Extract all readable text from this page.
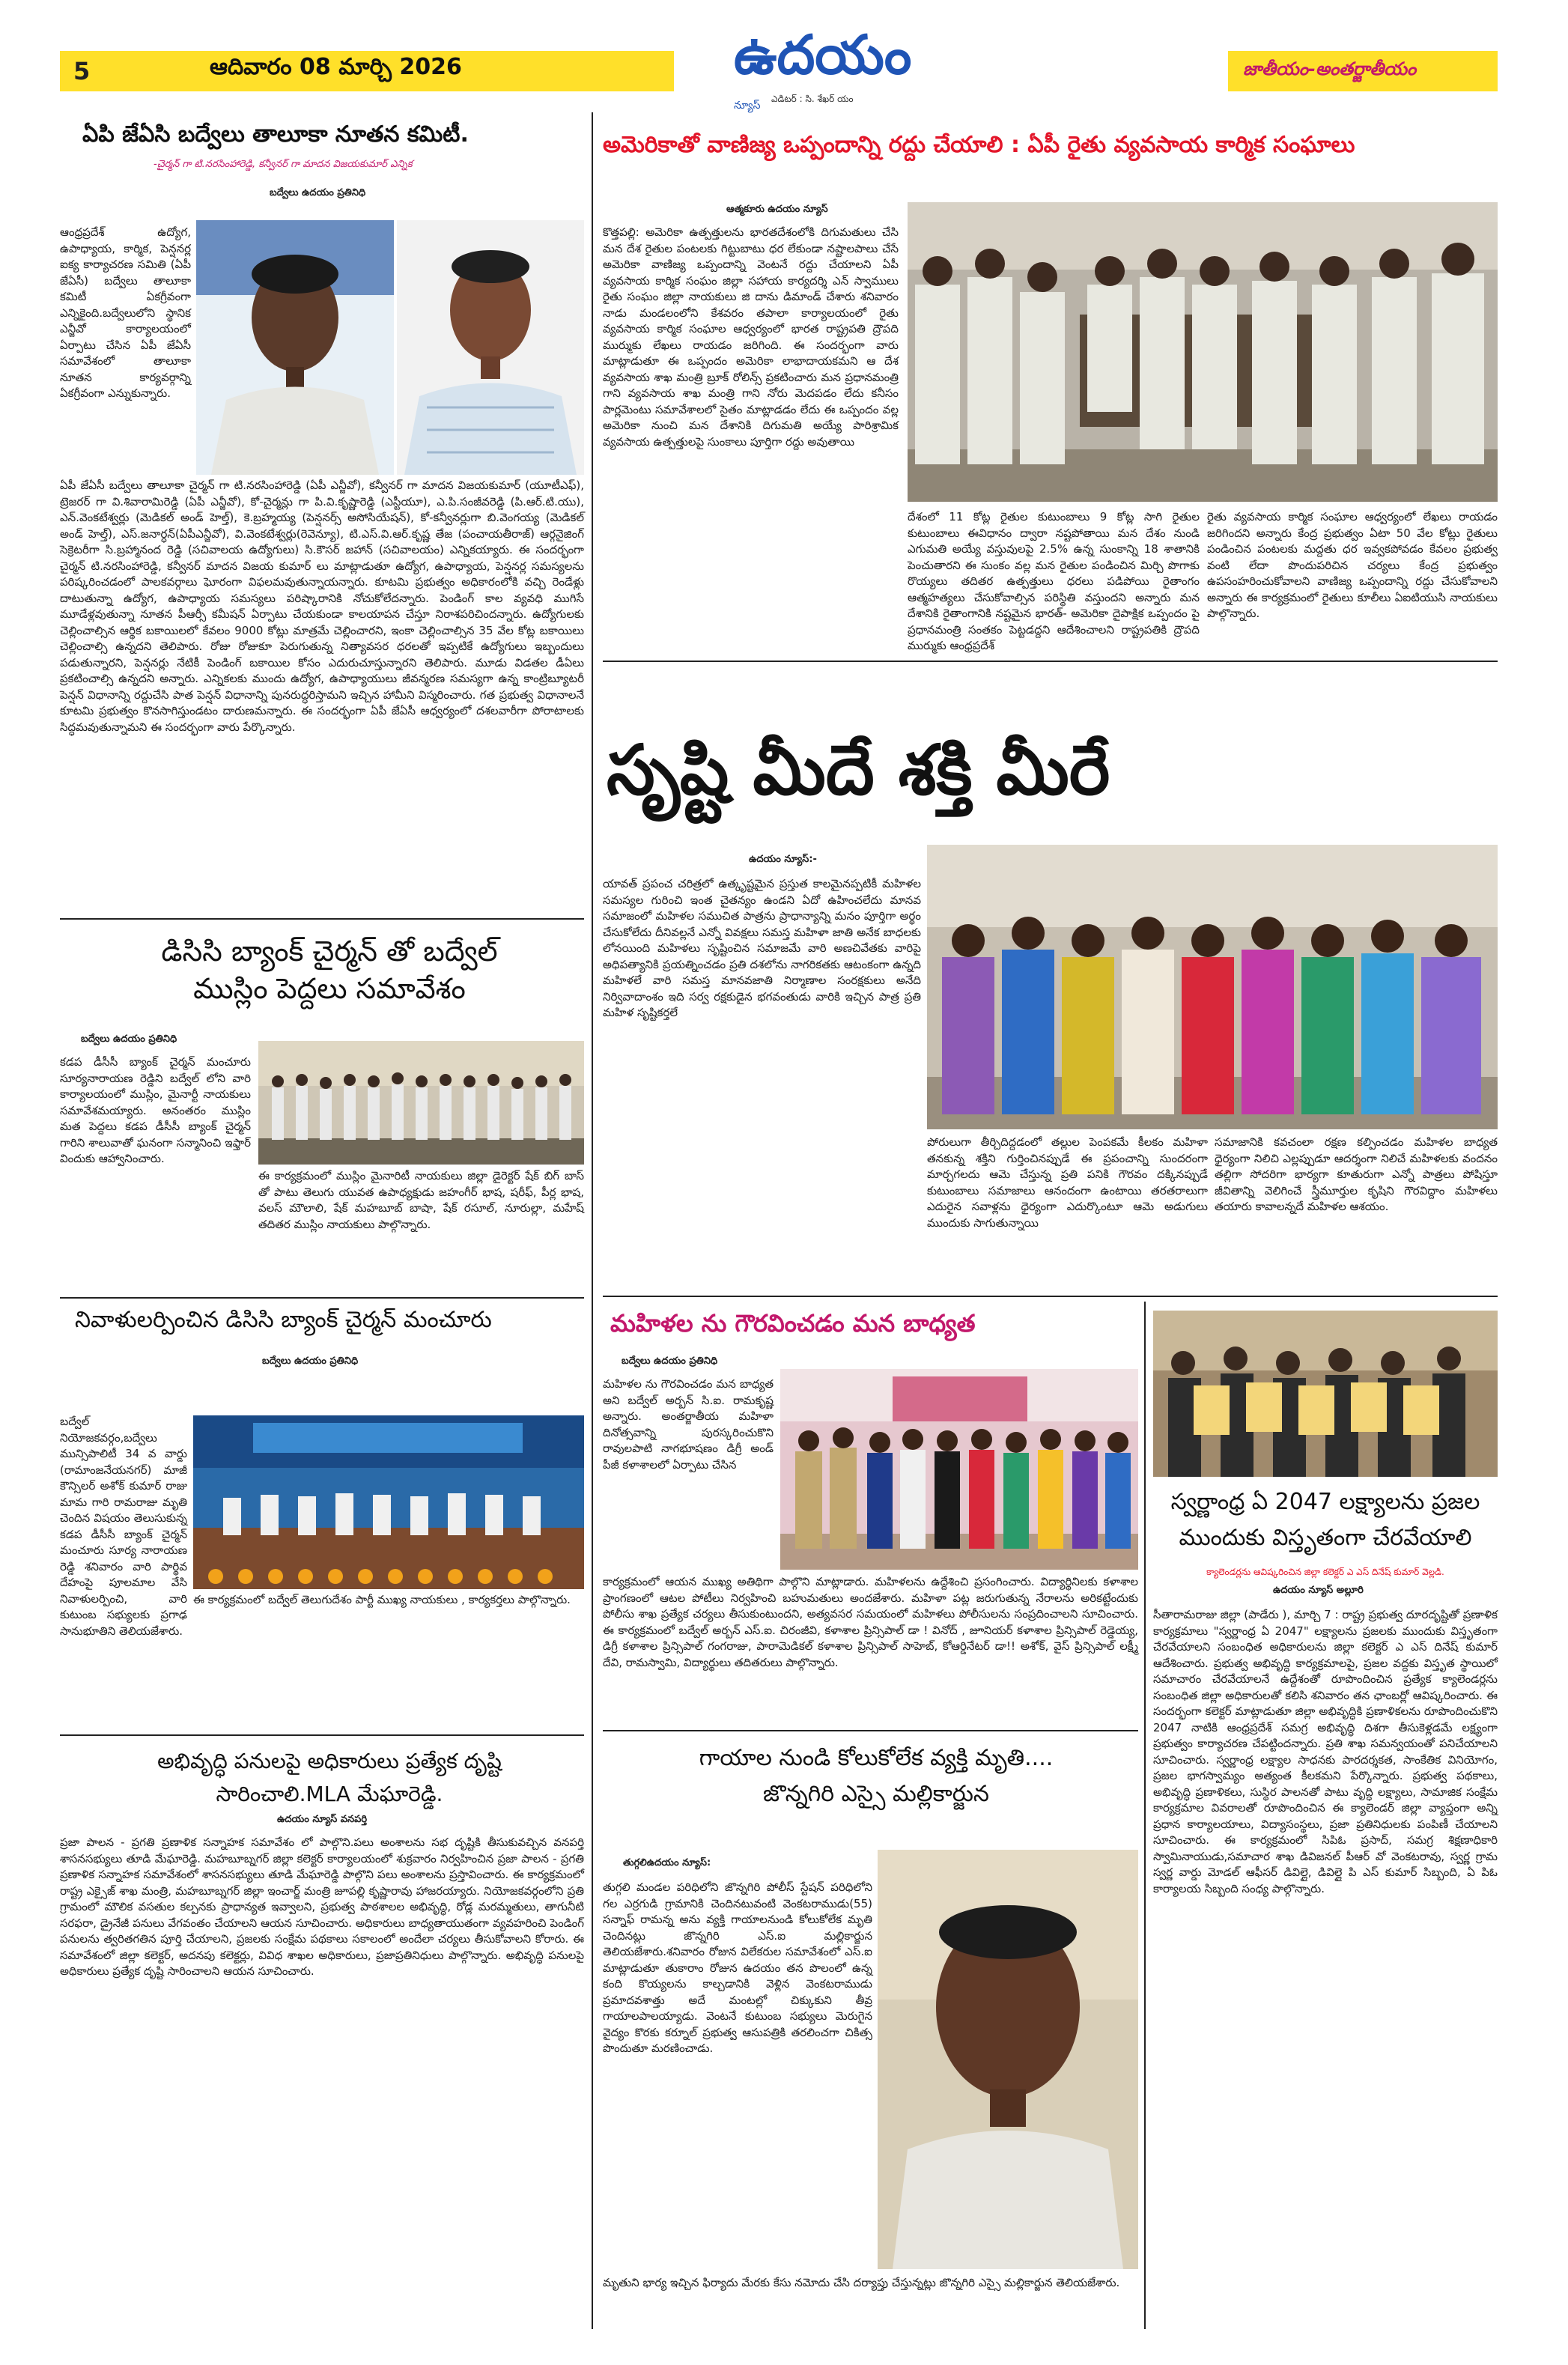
5	ఆదివారం 08 మార్చి 2026	ఉదయం న్యూస్
ఎడిటర్ : సి. శేఖర్ యం
జాతీయం-అంతర్జాతీయం
ఏపి జేఏసి బద్వేలు తాలూకా నూతన కమిటీ.
-చైర్మన్ గా టి.నరసింహారెడ్డి, కన్వీనర్ గా మాదన విజయకుమార్ ఎన్నిక
బద్వేలు ఉదయం ప్రతినిధి
ఆంధ్రప్రదేశ్ ఉద్యోగ, ఉపాధ్యాయ, కార్మిక, పెన్షనర్ల ఐక్య కార్యాచరణ సమితి (ఏపీ జేఏసీ) బద్వేలు తాలూకా కమిటీ ఏకగ్రీవంగా ఎన్నికైంది.బద్వేలులోని స్థానిక ఎన్జీవో కార్యాలయంలో ఏర్పాటు చేసిన ఏపీ జేఏసీ సమావేశంలో తాలూకా నూతన కార్యవర్గాన్ని ఏకగ్రీవంగా ఎన్నుకున్నారు.
ఏపీ జేఏసీ బద్వేలు తాలూకా చైర్మన్ గా టి.నరసింహారెడ్డి (ఏపీ ఎన్జీవో), కన్వీనర్ గా మాదన విజయకుమార్ (యూటీఎఫ్), ట్రెజరర్ గా వి.శివారామిరెడ్డి (ఏపీ ఎన్జీవో), కో-చైర్మన్లు గా పి.వి.కృష్ణారెడ్డి (ఎస్టీయూ), ఎ.పి.సంజీవరెడ్డి (పి.ఆర్.టి.యు), ఎన్.వెంకటేశ్వర్లు (మెడికల్ అండ్ హెల్త్), కె.బ్రహ్మయ్య (పెన్షనర్స్ అసోసియేషన్), కో-కన్వీనర్లుగా బి.వెంగయ్య (మెడికల్ అండ్ హెల్త్), ఎస్.జనార్ధన్(ఏపీఎన్జీవో), వి.వెంకటేశ్వర్లు(రెవెన్యూ), టి.ఎస్.వి.ఆర్.కృష్ణ తేజ (పంచాయతీరాజ్) ఆర్గనైజింగ్ సెక్రెటరీగా సి.బ్రహ్మానంద రెడ్డి (సచివాలయ ఉద్యోగులు) సి.కౌసర్ జహాన్ (సచివాలయం) ఎన్నికయ్యారు. ఈ సందర్భంగా చైర్మన్ టి.నరసింహారెడ్డి, కన్వీనర్ మాదన విజయ కుమార్ లు మాట్లాడుతూ ఉద్యోగ, ఉపాధ్యాయ, పెన్షనర్ల సమస్యలను పరిష్కరించడంలో పాలకవర్గాలు ఘోరంగా విఫలమవుతున్నాయన్నారు. కూటమి ప్రభుత్వం అధికారంలోకి వచ్చి రెండేళ్లు దాటుతున్నా ఉద్యోగ, ఉపాధ్యాయ సమస్యలు పరిష్కారానికి నోచుకోలేదన్నారు. పెండింగ్ కాల వ్యవధి ముగిసే మూడేళ్లవుతున్నా నూతన పీఆర్సీ కమీషన్ ఏర్పాటు చేయకుండా కాలయాపన చేస్తూ నిరాశపరిచిందన్నారు. ఉద్యోగులకు చెల్లించాల్సిన ఆర్థిక బకాయిలలో కేవలం 9000 కోట్లు మాత్రమే చెల్లించారని, ఇంకా చెల్లించాల్సిన 35 వేల కోట్ల బకాయిలు చెల్లించాల్సి ఉన్నదని తెలిపారు. రోజు రోజుకూ పెరుగుతున్న నిత్యావసర ధరలతో ఇప్పటికే ఉద్యోగులు ఇబ్బందులు పడుతున్నారని, పెన్షనర్లు నేటికీ పెండింగ్ బకాయిల కోసం ఎదురుచూస్తున్నారని తెలిపారు. మూడు విడతల డీఏలు ప్రకటించాల్సి ఉన్నదని అన్నారు. ఎన్నికలకు ముందు ఉద్యోగ, ఉపాధ్యాయులు జీవన్మరణ సమస్యగా ఉన్న కాంట్రిబ్యూటరీ పెన్షన్ విధానాన్ని రద్దుచేసి పాత పెన్షన్ విధానాన్ని పునరుద్ధరిస్తామని ఇచ్చిన హామీని విస్మరించారు. గత ప్రభుత్వ విధానాలనే కూటమి ప్రభుత్వం కొనసాగిస్తుండటం దారుణమన్నారు. ఈ సందర్భంగా ఏపీ జేఏసీ ఆధ్వర్యంలో దశలవారీగా పోరాటాలకు సిద్ధమవుతున్నామని ఈ సందర్భంగా వారు పేర్కొన్నారు.
డిసిసి బ్యాంక్ చైర్మన్ తో బద్వేల్ ముస్లిం పెద్దలు సమావేశం
బద్వేలు ఉదయం ప్రతినిధి
కడప డీసీసీ బ్యాంక్ చైర్మన్ మంచూరు సూర్యనారాయణ రెడ్డిని బద్వేల్ లోని వారి కార్యాలయంలో ముస్లిం, మైనార్టీ నాయకులు సమావేశమయ్యారు. అనంతరం ముస్లిం మత పెద్దలు కడప డీసీసీ బ్యాంక్ చైర్మన్ గారిని శాలువాతో ఘనంగా సన్మానించి ఇఫ్తార్ విందుకు ఆహ్వానించారు.
ఈ కార్యక్రమంలో ముస్లిం మైనారిటీ నాయకులు జిల్లా డైరెక్టర్ షేక్ బిగ్ బాస్ తో పాటు తెలుగు యువత ఉపాధ్యక్షుడు జహంగీర్ భాష, షరీఫ్, పీర్ల భాష, వలస్ మౌలాలి, షేక్ మహబూబ్ బాషా, షేక్ రసూల్, నూరుల్లా, మహేష్ తదితర ముస్లిం నాయకులు పాల్గొన్నారు.
నివాళులర్పించిన డిసిసి బ్యాంక్ చైర్మన్ మంచూరు
బద్వేలు ఉదయం ప్రతినిధి
బద్వేల్ నియోజకవర్గం,బద్వేలు మున్సిపాలిటీ 34 వ వార్డు (రామాంజనేయనగర్) మాజీ కౌన్సిలర్ అశోక్ కుమార్ రాజు మామ గారి రామరాజు మృతి చెందిన విషయం తెలుసుకున్న కడప డీసీసీ బ్యాంక్ చైర్మన్ మంచూరు సూర్య నారాయణ రెడ్డి శనివారం వారి పార్థివ దేహంపై పూలమాల వేసి నివాళులర్పించి, వారి కుటుంబ సభ్యులకు ప్రగాఢ సానుభూతిని తెలియజేశారు.
ఈ కార్యక్రమంలో బద్వేల్ తెలుగుదేశం పార్టీ ముఖ్య నాయకులు , కార్యకర్తలు పాల్గొన్నారు.
అభివృద్ధి పనులపై అధికారులు ప్రత్యేక దృష్టి సారించాలి.MLA మేఘారెడ్డి.
ఉదయం న్యూస్ వనపర్తి
ప్రజా పాలన - ప్రగతి ప్రణాళిక సన్నాహక సమావేశం లో పాల్గొని.పలు అంశాలను సభ దృష్టికి తీసుకువచ్చిన వనపర్తి శాసనసభ్యులు తూడి మేఘారెడ్డి. మహబూబ్నగర్ జిల్లా కలెక్టర్ కార్యాలయంలో శుక్రవారం నిర్వహించిన ప్రజా పాలన - ప్రగతి ప్రణాళిక సన్నాహక సమావేశంలో శాసనసభ్యులు తూడి మేఘారెడ్డి పాల్గొని పలు అంశాలను ప్రస్తావించారు. ఈ కార్యక్రమంలో రాష్ట్ర ఎక్సైజ్ శాఖ మంత్రి, మహబూబ్నగర్ జిల్లా ఇంచార్జ్ మంత్రి జూపల్లి కృష్ణారావు హాజరయ్యారు. నియోజకవర్గంలోని ప్రతి గ్రామంలో మౌలిక వసతుల కల్పనకు ప్రాధాన్యత ఇవ్వాలని, ప్రభుత్వ పాఠశాలల అభివృద్ధి, రోడ్ల మరమ్మతులు, తాగునీటి సరఫరా, డ్రైనేజీ పనులు వేగవంతం చేయాలని ఆయన సూచించారు. అధికారులు బాధ్యతాయుతంగా వ్యవహరించి పెండింగ్ పనులను త్వరితగతిన పూర్తి చేయాలని, ప్రజలకు సంక్షేమ పథకాలు సకాలంలో అందేలా చర్యలు తీసుకోవాలని కోరారు. ఈ సమావేశంలో జిల్లా కలెక్టర్, అదనపు కలెక్టర్లు, వివిధ శాఖల అధికారులు, ప్రజాప్రతినిధులు పాల్గొన్నారు. అభివృద్ధి పనులపై అధికారులు ప్రత్యేక దృష్టి సారించాలని ఆయన సూచించారు.
అమెరికాతో వాణిజ్య ఒప్పందాన్ని రద్దు చేయాలి : ఏపీ రైతు వ్యవసాయ కార్మిక సంఘాలు
ఆత్మకూరు ఉదయం న్యూస్
కొత్తపల్లి: అమెరికా ఉత్పత్తులను భారతదేశంలోకి దిగుమతులు చేసి మన దేశ రైతుల పంటలకు గిట్టుబాటు ధర లేకుండా నష్టాలపాలు చేసే అమెరికా వాణిజ్య ఒప్పందాన్ని వెంటనే రద్దు చేయాలని ఏపీ వ్యవసాయ కార్మిక సంఘం జిల్లా సహాయ కార్యదర్శి ఎన్ స్వాములు రైతు సంఘం జిల్లా నాయకులు జి దాను డిమాండ్ చేశారు శనివారం నాడు మండలంలోని కేశవరం తపాలా కార్యాలయంలో రైతు వ్యవసాయ కార్మిక సంఘాల ఆధ్వర్యంలో భారత రాష్ట్రపతి ద్రౌపది ముర్ముకు లేఖలు రాయడం జరిగింది. ఈ సందర్భంగా వారు మాట్లాడుతూ ఈ ఒప్పందం అమెరికా లాభాదాయకమని ఆ దేశ వ్యవసాయ శాఖ మంత్రి బ్రూక్ రోలిన్స్ ప్రకటించారు మన ప్రధానమంత్రి గాని వ్యవసాయ శాఖ మంత్రి గాని నోరు మెదపడం లేదు కనీసం పార్లమెంటు సమావేశాలలో సైతం మాట్లాడడం లేదు ఈ ఒప్పందం వల్ల అమెరికా నుంచి మన దేశానికి దిగుమతి అయ్యే పారిశ్రామిక వ్యవసాయ ఉత్పత్తులపై సుంకాలు పూర్తిగా రద్దు అవుతాయి
దేశంలో 11 కోట్ల రైతుల కుటుంబాలు 9 కోట్ల సాగి రైతుల కుటుంబాలు ఈవిధానం ద్వారా నష్టపోతాయి మన దేశం నుండి ఎగుమతి అయ్యే వస్తువులపై 2.5% ఉన్న సుంకాన్ని 18 శాతానికి పెంచుతారని ఈ సుంకం వల్ల మన రైతుల పండించిన మిర్చి పొగాకు రొయ్యలు తదితర ఉత్పత్తులు ధరలు పడిపోయి రైతాంగం ఆత్మహత్యలు చేసుకోవాల్సిన పరిస్థితి వస్తుందని అన్నారు మన దేశానికి రైతాంగానికి నష్టమైన భారత్- అమెరికా దైపాక్షిక ఒప్పందం పై ప్రధానమంత్రి సంతకం పెట్టడద్దని ఆదేశించాలని రాష్ట్రపతికి ద్రౌపది ముర్ముకు ఆంధ్రప్రదేశ్
రైతు వ్యవసాయ కార్మిక సంఘాల ఆధ్వర్యంలో లేఖలు రాయడం జరిగిందని అన్నారు కేంద్ర ప్రభుత్వం ఏటా 50 వేల కోట్లు రైతులు పండించిన పంటలకు మద్దతు ధర ఇవ్వకపోవడం కేవలం ప్రభుత్వ వంటి లేదా పొందుపరిచిన చర్యలు కేంద్ర ప్రభుత్వం ఉపసంహరించుకోవాలని వాణిజ్య ఒప్పందాన్ని రద్దు చేసుకోవాలని అన్నారు ఈ కార్యక్రమంలో రైతులు కూలీలు ఏఐటియుసి నాయకులు పాల్గొన్నారు.
సృష్టి మీదే శక్తి మీరే
ఉదయం న్యూస్:-
యావత్ ప్రపంచ చరిత్రలో ఉత్కృష్టమైన ప్రస్తుత కాలమైనప్పటికీ మహిళల సమస్యల గురించి ఇంత చైతన్యం ఉండని ఏదో ఉహించలేదు మానవ సమాజంలో మహిళల సముచిత పాత్రను ప్రాధాన్యాన్ని మనం పూర్తిగా అర్థం చేసుకోలేదు దీనివల్లనే ఎన్నో వివక్షలు సమస్త మహిళా జాతి అనేక బాధలకు లోనయింది మహిళలు సృష్టించిన సమాజమే వారి అణచివేతకు వారిపై అధిపత్యానికి ప్రయత్నించడం ప్రతి దశలోను నాగరికతకు ఆటంకంగా ఉన్నది మహిళలే వారి సమస్త మానవజాతి నిర్మాణాల సంరక్షకులు అనేది నిర్వివాదాంశం ఇది సర్వ రక్షకుడైన భగవంతుడు వారికి ఇచ్చిన పాత్ర ప్రతి మహిళ సృష్టికర్తలే
పోరులుగా తీర్చిదిద్దడంలో తల్లుల పెంపకమే కీలకం మహిళా తనకున్న శక్తిని గుర్తించినప్పుడే ఈ ప్రపంచాన్ని సుందరంగా మార్చగలదు ఆమె చేస్తున్న ప్రతి పనికి గౌరవం దక్కినప్పుడే కుటుంబాలు సమాజాలు ఆనందంగా ఉంటాయి తరతరాలుగా ఎదురైన సవాళ్లను ధైర్యంగా ఎదుర్కొంటూ ఆమె అడుగులు ముందుకు సాగుతున్నాయి
సమాజానికి కవచంలా రక్షణ కల్పించడం మహిళల బాధ్యత ధైర్యంగా నిలిచి ఎల్లప్పుడూ ఆదర్శంగా నిలిచే మహిళలకు వందనం తల్లిగా సోదరిగా భార్యగా కూతురుగా ఎన్నో పాత్రలు పోషిస్తూ జీవితాన్ని వెలిగించే స్త్రీమూర్తుల కృషిని గౌరవిద్దాం మహిళలు తయారు కావాలన్నదే మహిళల ఆశయం.
మహిళల ను గౌరవించడం మన బాధ్యత
బద్వేలు ఉదయం ప్రతినిధి
మహిళల ను గౌరవించడం మన బాధ్యత అని బద్వేల్ అర్బన్ సి.ఐ. రామకృష్ణ అన్నారు. అంతర్జాతీయ మహిళా దినోత్సవాన్ని పురస్కరించుకొని రావులపాటి నాగభూషణం డిగ్రీ అండ్ పీజీ కళాశాలలో ఏర్పాటు చేసిన
కార్యక్రమంలో ఆయన ముఖ్య అతిథిగా పాల్గొని మాట్లాడారు. మహిళలను ఉద్దేశించి ప్రసంగించారు. విద్యార్థినిలకు కళాశాల ప్రాంగణంలో ఆటల పోటీలు నిర్వహించి బహుమతులు అందజేశారు. మహిళా పట్ల జరుగుతున్న నేరాలను అరికట్టేందుకు పోలీసు శాఖ ప్రత్యేక చర్యలు తీసుకుంటుందని, అత్యవసర సమయంలో మహిళలు పోలీసులను సంప్రదించాలని సూచించారు. ఈ కార్యక్రమంలో బద్వేల్ అర్బన్ ఎస్.ఐ. చిరంజీవి, కళాశాల ప్రిన్సిపాల్ డా ! వినోద్ , జూనియర్ కళాశాల ప్రిన్సిపాల్ రెడ్డెయ్య, డిగ్రీ కళాశాల ప్రిన్సిపాల్ గంగరాజు, పారామెడికల్ కళాశాల ప్రిన్సిపాల్ సాహెబ్, కోఆర్డినేటర్ డా!! అశోక్, వైస్ ప్రిన్సిపాల్ లక్ష్మీ దేవి, రామస్వామి, విద్యార్థులు తదితరులు పాల్గొన్నారు.
గాయాల నుండి కోలుకోలేక వ్యక్తి మృతి....
జొన్నగిరి ఎస్సై మల్లికార్జున
తుగ్గలిఉదయం న్యూస్:
తుగ్గలి మండల పరిధిలోని జొన్నగిరి పోలీస్ స్టేషన్ పరిధిలోని గల ఎర్రగుడి గ్రామానికి చెందినటువంటి వెంకటరాముడు(55) సన్నాఫ్ రామన్న అను వ్యక్తి గాయాలనుండి కోలుకోలేక మృతి చెందినట్లు జొన్నగిరి ఎస్.ఐ మల్లికార్జున తెలియజేశారు.శనివారం రోజున విలేకరుల సమావేశంలో ఎస్.ఐ మాట్లాడుతూ తుకారాం రోజున ఉదయం తన పొలంలో ఉన్న కంది కొయ్యలను కాల్చడానికి వెళ్లిన వెంకటరాముడు ప్రమాదవశాత్తు అదే మంటల్లో చిక్కుకుని తీవ్ర గాయాలపాలయ్యాడు. వెంటనే కుటుంబ సభ్యులు మెరుగైన వైద్యం కొరకు కర్నూల్ ప్రభుత్వ ఆసుపత్రికి తరలించగా చికిత్స పొందుతూ మరణించాడు.
మృతుని భార్య ఇచ్చిన ఫిర్యాదు మేరకు కేసు నమోదు చేసి దర్యాప్తు చేస్తున్నట్లు జొన్నగిరి ఎస్సై మల్లికార్జున తెలియజేశారు.
స్వర్ణాంధ్ర ఏ 2047 లక్ష్యాలను ప్రజల ముందుకు విస్తృతంగా చేరవేయాలి
క్యాలెండర్లను ఆవిష్కరించిన జిల్లా కలెక్టర్ ఎ ఎస్ దినేష్ కుమార్ వెల్లడి.
ఉదయం న్యూస్ అల్లూరి
సీతారామరాజు జిల్లా (పాడేరు ), మార్చి 7 : రాష్ట్ర ప్రభుత్వ దూరదృష్టితో ప్రణాళిక కార్యక్రమాలు "స్వర్ణాంధ్ర ఏ 2047" లక్ష్యాలను ప్రజలకు ముందుకు విస్తృతంగా చేరవేయాలని సంబంధిత అధికారులను జిల్లా కలెక్టర్ ఎ ఎస్ దినేష్ కుమార్ ఆదేశించారు. ప్రభుత్వ అభివృద్ధి కార్యక్రమాలపై, ప్రజల వద్దకు విస్తృత స్థాయిలో సమాచారం చేరవేయాలనే ఉద్దేశంతో రూపొందించిన ప్రత్యేక క్యాలెండర్లను సంబంధిత జిల్లా అధికారులతో కలిసి శనివారం తన ఛాంబర్లో ఆవిష్కరించారు. ఈ సందర్భంగా కలెక్టర్ మాట్లాడుతూ జిల్లా అభివృద్ధికి ప్రణాళికలను రూపొందించుకొని 2047 నాటికి ఆంధ్రప్రదేశ్ సమగ్ర అభివృద్ధి దిశగా తీసుకెళ్లడమే లక్ష్యంగా ప్రభుత్వం కార్యాచరణ చేపట్టిందన్నారు. ప్రతి శాఖ సమన్వయంతో పనిచేయాలని సూచించారు. స్వర్ణాంధ్ర లక్ష్యాల సాధనకు పారదర్శకత, సాంకేతిక వినియోగం, ప్రజల భాగస్వామ్యం అత్యంత కీలకమని పేర్కొన్నారు. ప్రభుత్వ పథకాలు, అభివృద్ధి ప్రణాళికలు, సుస్థిర పాలనతో పాటు వృద్ధి లక్ష్యాలు, సామాజిక సంక్షేమ కార్యక్రమాల వివరాలతో రూపొందించిన ఈ క్యాలెండర్ జిల్లా వ్యాప్తంగా అన్ని ప్రధాన కార్యాలయాలు, విద్యాసంస్థలు, ప్రజా ప్రతినిధులకు పంపిణీ చేయాలని సూచించారు. ఈ కార్యక్రమంలో సిపిఓ ప్రసాద్, సమగ్ర శిక్షణాధికారి స్వామినాయుడు,సమాచార శాఖ డివిజనల్ పీఆర్ వో వెంకటరావు, స్వర్ణ గ్రామ స్వర్ణ వార్డు మోడల్ ఆఫీసర్ డివిల్లై, డివిల్లై పి ఎస్ కుమార్ సిబ్బంది, ఏ పిఓ కార్యాలయ సిబ్బంది సంధ్య పాల్గొన్నారు.
